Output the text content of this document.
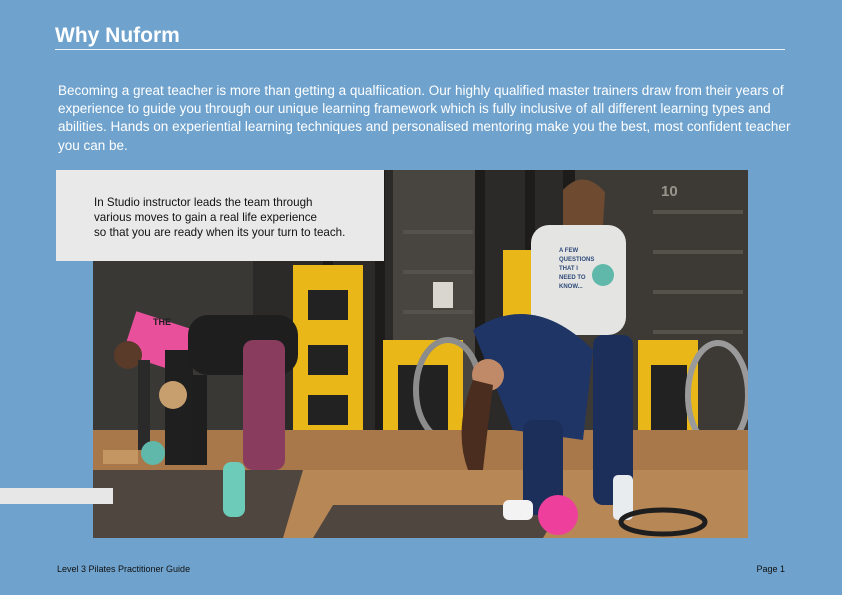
Why Nuform
Becoming a great teacher is more than getting a qualfiication. Our highly qualified master trainers draw from their years of experience to guide you through our unique learning framework which is fully inclusive of all different learning types and abilities. Hands on experiential learning techniques and personalised mentoring make you the best, most confident teacher you can be.
10
THE
A FEW
QUESTIONS
THAT I
NEED TO
KNOW...
In Studio instructor leads the team through
various moves to gain a real life experience
so that you are ready when its your turn to teach.
Level 3 Pilates Practitioner Guide	Page 1
